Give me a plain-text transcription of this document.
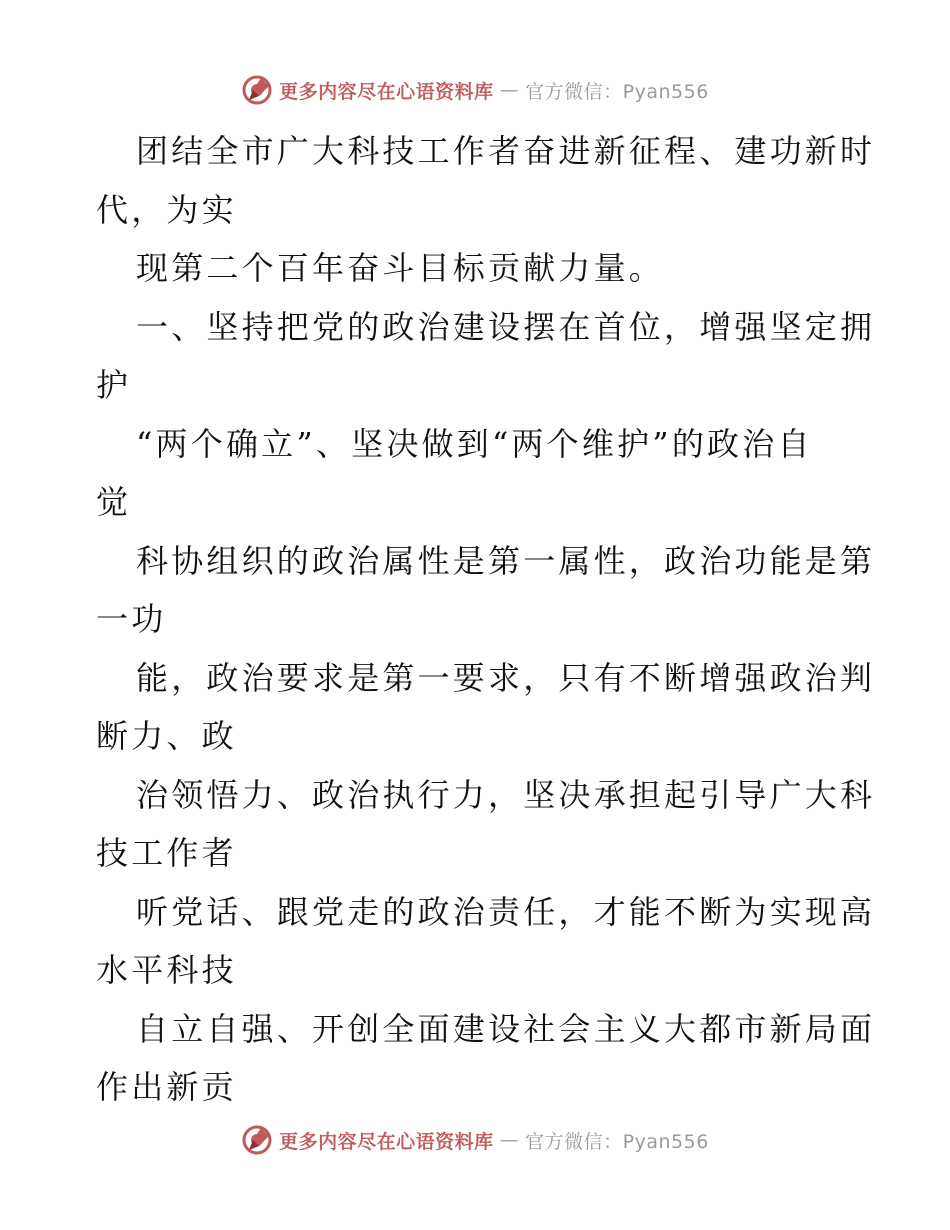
更多内容尽在心语资料库 — 官方微信：Pyan556

团结全市广大科技工作者奋进新征程、建功新时

代，为实

现第二个百年奋斗目标贡献力量。

一、坚持把党的政治建设摆在首位，增强坚定拥

护

“两个确立”、坚决做到“两个维护”的政治自

觉

科协组织的政治属性是第一属性，政治功能是第

一功

能，政治要求是第一要求，只有不断增强政治判

断力、政

治领悟力、政治执行力，坚决承担起引导广大科

技工作者

听党话、跟党走的政治责任，才能不断为实现高

水平科技

自立自强、开创全面建设社会主义大都市新局面

作出新贡

更多内容尽在心语资料库 — 官方微信：Pyan556
